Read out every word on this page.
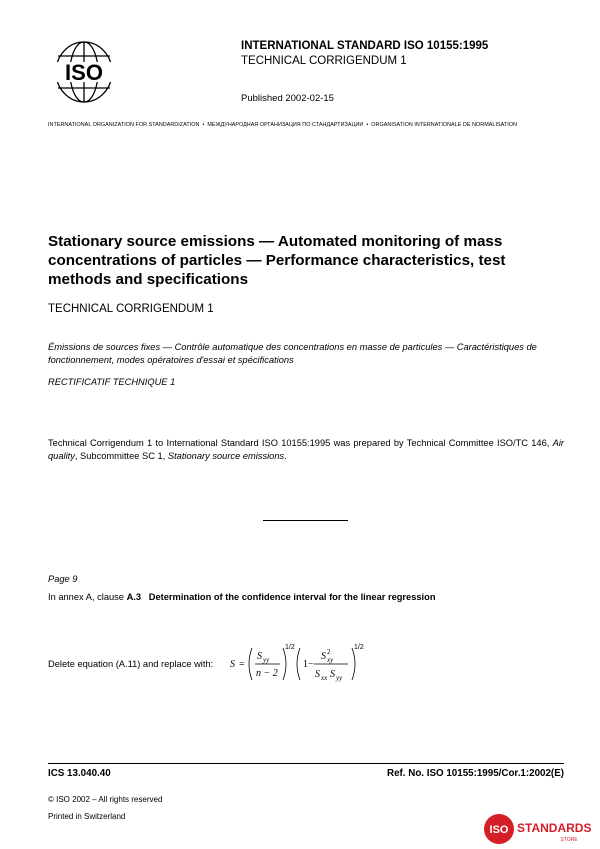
ISO
INTERNATIONAL STANDARD ISO 10155:1995
TECHNICAL CORRIGENDUM 1
Published 2002-02-15
INTERNATIONAL ORGANIZATION FOR STANDARDIZATION • МЕЖДУНАРОДНАЯ ОРГАНИЗАЦИЯ ПО СТАНДАРТИЗАЦИИ • ORGANISATION INTERNATIONALE DE NORMALISATION
Stationary source emissions — Automated monitoring of mass concentrations of particles — Performance characteristics, test methods and specifications
TECHNICAL CORRIGENDUM 1
Émissions de sources fixes — Contrôle automatique des concentrations en masse de particules — Caractéristiques de fonctionnement, modes opératoires d'essai et spécifications
RECTIFICATIF TECHNIQUE 1
Technical Corrigendum 1 to International Standard ISO 10155:1995 was prepared by Technical Committee ISO/TC 146, Air quality, Subcommittee SC 1, Stationary source emissions.
Page 9
In annex A, clause A.3 Determination of the confidence interval for the linear regression
Delete equation (A.11) and replace with: S =
S yy
n − 2
1/2
1−
S 2
xy
S xx S yy
1/2
ICS 13.040.40	Ref. No. ISO 10155:1995/Cor.1:2002(E)
© ISO 2002 – All rights reserved
Printed in Switzerland
ISO STANDARDS
STORE
